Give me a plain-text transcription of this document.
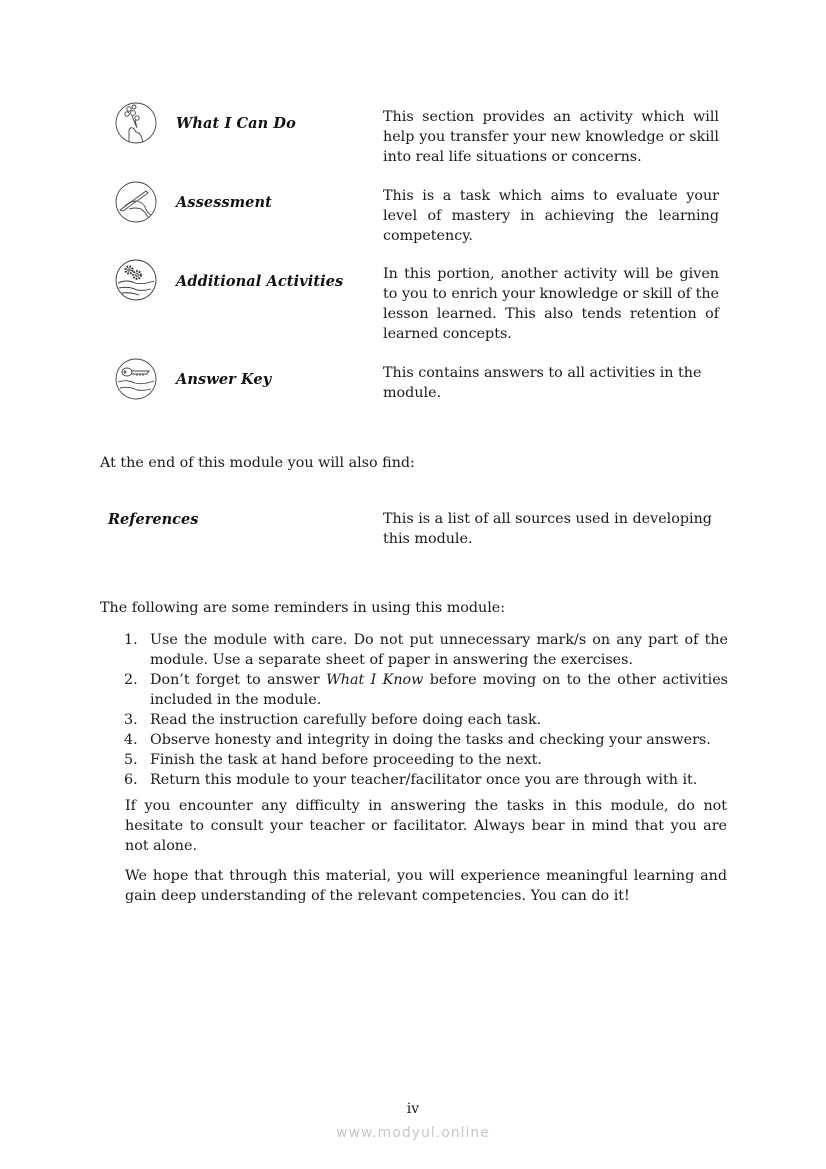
What I Can Do	This section provides an activity which will help you transfer your new knowledge or skill into real life situations or concerns.
Assessment	This is a task which aims to evaluate your level of mastery in achieving the learning competency.
Additional Activities	In this portion, another activity will be given to you to enrich your knowledge or skill of the lesson learned. This also tends retention of learned concepts.
Answer Key	This contains answers to all activities in the module.
At the end of this module you will also find:
References	This is a list of all sources used in developing this module.
The following are some reminders in using this module:
1. Use the module with care. Do not put unnecessary mark/s on any part of the module. Use a separate sheet of paper in answering the exercises.
2. Don’t forget to answer What I Know before moving on to the other activities included in the module.
3. Read the instruction carefully before doing each task.
4. Observe honesty and integrity in doing the tasks and checking your answers.
5. Finish the task at hand before proceeding to the next.
6. Return this module to your teacher/facilitator once you are through with it.
If you encounter any difficulty in answering the tasks in this module, do not hesitate to consult your teacher or facilitator. Always bear in mind that you are not alone.
We hope that through this material, you will experience meaningful learning and gain deep understanding of the relevant competencies. You can do it!
iv
www.modyul.online
